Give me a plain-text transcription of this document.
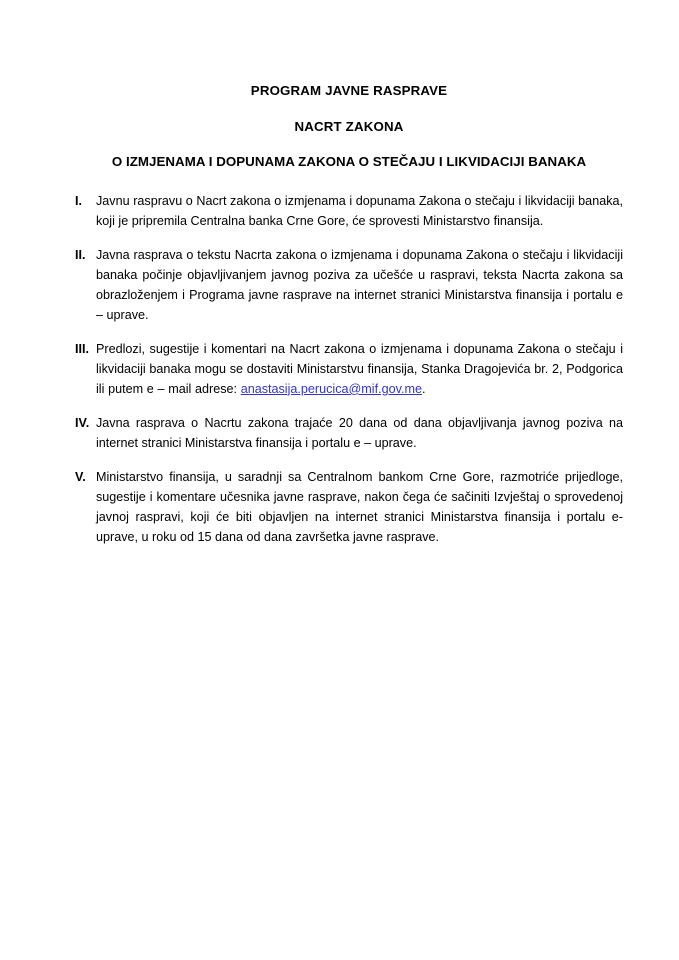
PROGRAM JAVNE RASPRAVE
NACRT ZAKONA
O IZMJENAMA I DOPUNAMA ZAKONA O STEČAJU I LIKVIDACIJI BANAKA
I.	Javnu raspravu o Nacrt zakona o izmjenama i dopunama Zakona o stečaju i likvidaciji banaka, koji je pripremila Centralna banka Crne Gore, će sprovesti Ministarstvo finansija.
II. Javna rasprava o tekstu Nacrta zakona o izmjenama i dopunama Zakona o stečaju i likvidaciji banaka počinje objavljivanjem javnog poziva za učešće u raspravi, teksta Nacrta zakona sa obrazloženjem i Programa javne rasprave na internet stranici Ministarstva finansija i portalu e – uprave.
III. Predlozi, sugestije i komentari na Nacrt zakona o izmjenama i dopunama Zakona o stečaju i likvidaciji banaka mogu se dostaviti Ministarstvu finansija, Stanka Dragojevića br. 2, Podgorica ili putem e – mail adrese: anastasija.perucica@mif.gov.me.
IV. Javna rasprava o Nacrtu zakona trajaće 20 dana od dana objavljivanja javnog poziva na internet stranici Ministarstva finansija i portalu e – uprave.
V. Ministarstvo finansija, u saradnji sa Centralnom bankom Crne Gore, razmotriće prijedloge, sugestije i komentare učesnika javne rasprave, nakon čega će sačiniti Izvještaj o sprovedenoj javnoj raspravi, koji će biti objavljen na internet stranici Ministarstva finansija i portalu e-uprave, u roku od 15 dana od dana završetka javne rasprave.
